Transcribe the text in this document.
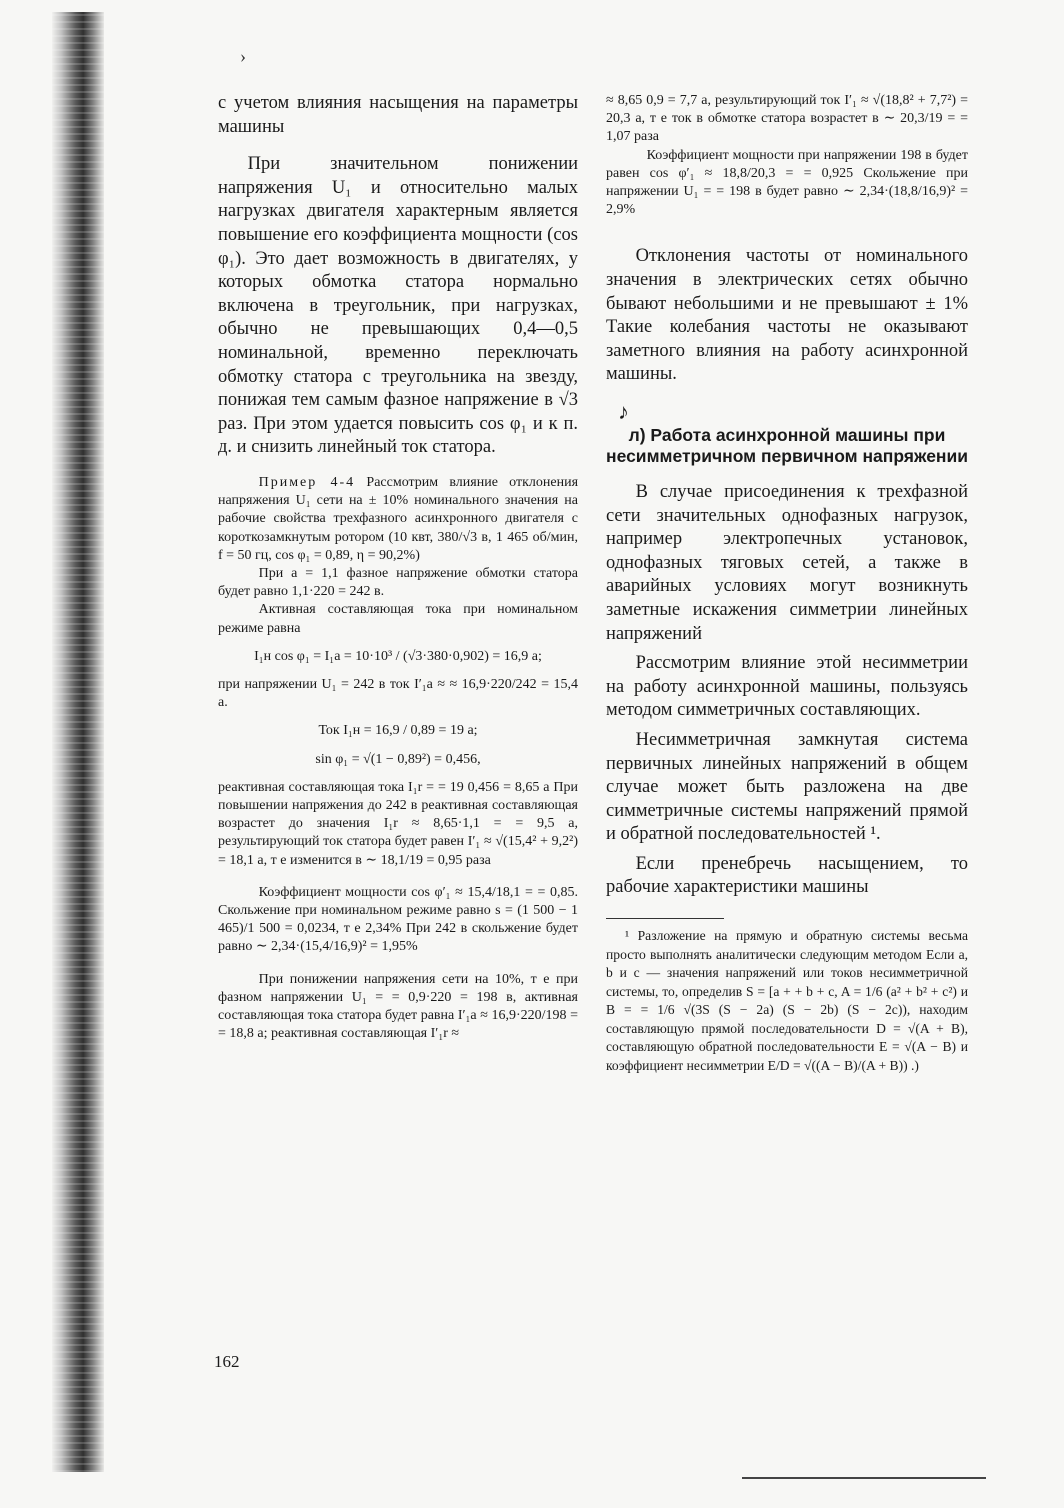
›

с учетом влияния насыщения на параметры машины

При значительном понижении напряжения U₁ и относительно малых нагрузках двигателя характерным является повышение его коэффициента мощности (cos φ₁). Это дает возможность в двигателях, у которых обмотка статора нормально включена в треугольник, при нагрузках, обычно не превышающих 0,4—0,5 номинальной, временно переключать обмотку статора с треугольника на звезду, понижая тем самым фазное напряжение в √3 раз. При этом удается повысить cos φ₁ и к п. д. и снизить линейный ток статора.

Пример 4-4 Рассмотрим влияние отклонения напряжения U₁ сети на ± 10% номинального значения на рабочие свойства трехфазного асинхронного двигателя с короткозамкнутым ротором (10 квт, 380/√3 в, 1 465 об/мин, f = 50 гц, cos φ₁ = 0,89, η = 90,2%)

При a = 1,1 фазное напряжение обмотки статора будет равно 1,1·220 = 242 в.

Активная составляющая тока при номинальном режиме равна

I₁н cos φ₁ = I₁а = 10·10³ / (√3·380·0,902) = 16,9 а;

при напряжении U₁ = 242 в ток I′₁а ≈ ≈ 16,9·220/242 = 15,4 а.

Ток I₁н = 16,9 / 0,89 = 19 а;
sin φ₁ = √(1 − 0,89²) = 0,456,

реактивная составляющая тока I₁r = = 19 0,456 = 8,65 а При повышении напряжения до 242 в реактивная составляющая возрастет до значения I₁r ≈ 8,65·1,1 = = 9,5 а, результирующий ток статора будет равен I′₁ ≈ √(15,4² + 9,2²) = 18,1 а, т е изменится в ∼ 18,1/19 = 0,95 раза

Коэффициент мощности cos φ′₁ ≈ 15,4/18,1 = = 0,85. Скольжение при номинальном режиме равно s = (1 500 − 1 465)/1 500 = 0,0234, т е 2,34% При 242 в скольжение будет равно ∼ 2,34·(15,4/16,9)² = 1,95%

При понижении напряжения сети на 10%, т е при фазном напряжении U₁ = = 0,9·220 = 198 в, активная составляющая тока статора будет равна I′₁а ≈ 16,9·220/198 = = 18,8 а; реактивная составляющая I′₁r ≈

≈ 8,65 0,9 = 7,7 а, результирующий ток I′₁ ≈ √(18,8² + 7,7²) = 20,3 а, т е ток в обмотке статора возрастет в ∼ 20,3/19 = = 1,07 раза

Коэффициент мощности при напряжении 198 в будет равен cos φ′₁ ≈ 18,8/20,3 = = 0,925 Скольжение при напряжении U₁ = = 198 в будет равно ∼ 2,34·(18,8/16,9)² = 2,9%

Отклонения частоты от номинального значения в электрических сетях обычно бывают небольшими и не превышают ± 1% Такие колебания частоты не оказывают заметного влияния на работу асинхронной машины.

♪
л) Работа асинхронной машины при несимметричном первичном напряжении

В случае присоединения к трехфазной сети значительных однофазных нагрузок, например электропечных установок, однофазных тяговых сетей, а также в аварийных условиях могут возникнуть заметные искажения симметрии линейных напряжений

Рассмотрим влияние этой несимметрии на работу асинхронной машины, пользуясь методом симметричных составляющих.

Несимметричная замкнутая система первичных линейных напряжений в общем случае может быть разложена на две симметричные системы напряжений прямой и обратной последовательностей ¹.

Если пренебречь насыщением, то рабочие характеристики машины

¹ Разложение на прямую и обратную системы весьма просто выполнять аналитически следующим методом Если a, b и c — значения напряжений или токов несимметричной системы, то, определив S = [a + + b + c, A = 1/6 (a² + b² + c²) и B = = 1/6 √(3S (S − 2a) (S − 2b) (S − 2c)), находим составляющую прямой последовательности D = √(A + B), составляющую обратной последовательности E = √(A − B) и коэффициент несимметрии E/D = √((A − B)/(A + B)) .)

162
